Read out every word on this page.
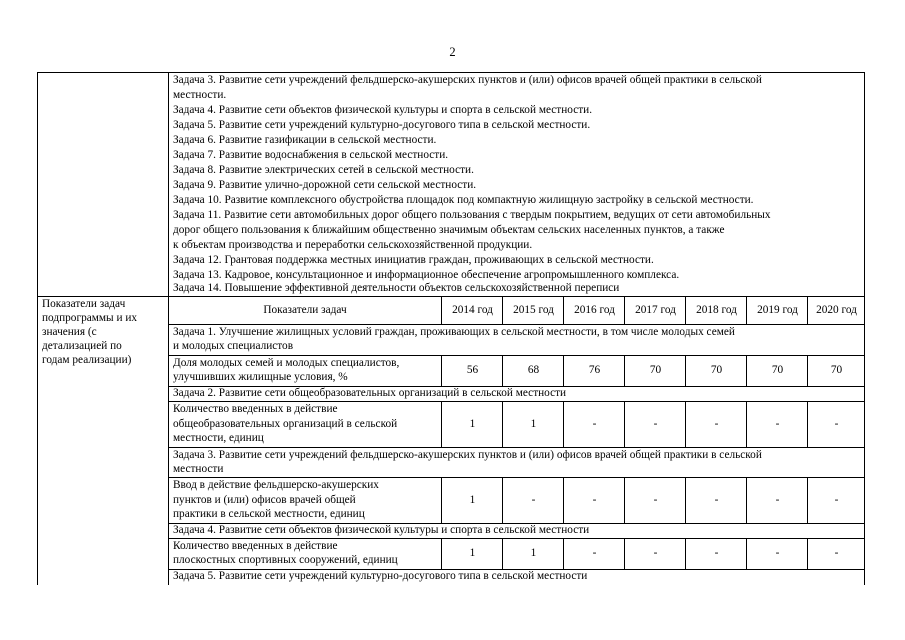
2
Задача 3. Развитие сети учреждений фельдшерско-акушерских пунктов и (или) офисов врачей общей практики в сельской
местности.
Задача 4. Развитие сети объектов физической культуры и спорта в сельской местности.
Задача 5. Развитие сети учреждений культурно-досугового типа в сельской местности.
Задача 6. Развитие газификации в сельской местности.
Задача 7. Развитие водоснабжения в сельской местности.
Задача 8. Развитие электрических сетей в сельской местности.
Задача 9. Развитие улично-дорожной сети сельской местности.
Задача 10. Развитие комплексного обустройства площадок под компактную жилищную застройку в сельской местности.
Задача 11. Развитие сети автомобильных дорог общего пользования с твердым покрытием, ведущих от сети автомобильных
дорог общего пользования к ближайшим общественно значимым объектам сельских населенных пунктов, а также
к объектам производства и переработки сельскохозяйственной продукции.
Задача 12. Грантовая поддержка местных инициатив граждан, проживающих в сельской местности.
Задача 13. Кадровое, консультационное и информационное обеспечение агропромышленного комплекса.
Задача 14. Повышение эффективной деятельности объектов сельскохозяйственной переписи
Показатели задач
подпрограммы и их
значения (с
детализацией по
годам реализации)
Показатели задач	2014 год	2015 год	2016 год	2017 год	2018 год	2019 год	2020 год
Задача 1. Улучшение жилищных условий граждан, проживающих в сельской местности, в том числе молодых семей
и молодых специалистов
Доля молодых семей и молодых специалистов,
улучшивших жилищные условия, %
56	68	76	70	70	70	70
Задача 2. Развитие сети общеобразовательных организаций в сельской местности
Количество введенных в действие
общеобразовательных организаций в сельской
местности, единиц
1	1	-	-	-	-	-
Задача 3. Развитие сети учреждений фельдшерско-акушерских пунктов и (или) офисов врачей общей практики в сельской
местности
Ввод в действие фельдшерско-акушерских
пунктов и (или) офисов врачей общей
практики в сельской местности, единиц
1	-	-	-	-	-	-
Задача 4. Развитие сети объектов физической культуры и спорта в сельской местности
Количество введенных в действие
плоскостных спортивных сооружений, единиц
1	1	-	-	-	-	-
Задача 5. Развитие сети учреждений культурно-досугового типа в сельской местности
